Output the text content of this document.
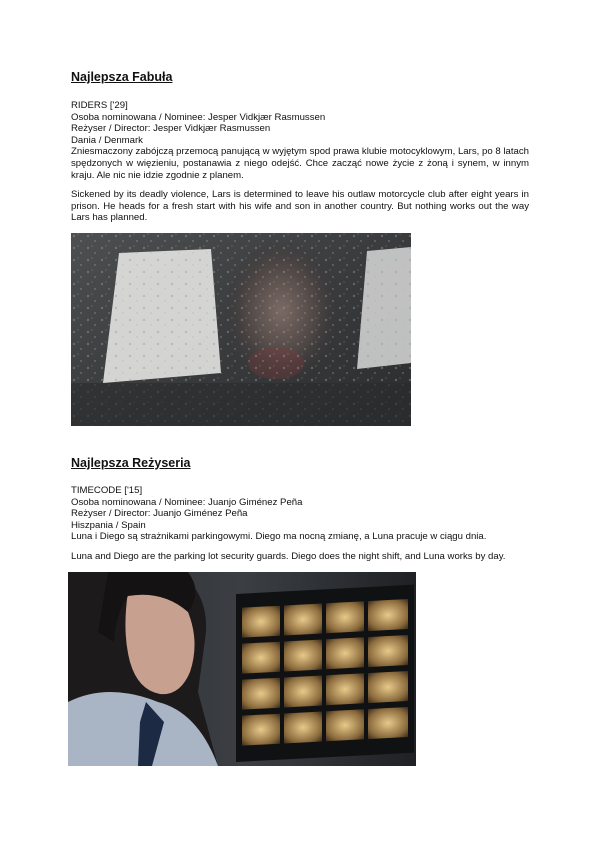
Najlepsza Fabuła

RIDERS ['29]

Osoba nominowana / Nominee: Jesper Vidkjær Rasmussen

Reżyser / Director: Jesper Vidkjær Rasmussen

Dania / Denmark

Zniesmaczony zabójczą przemocą panującą w wyjętym spod prawa klubie motocyklowym, Lars, po 8 latach spędzonych w więzieniu, postanawia z niego odejść. Chce zacząć nowe życie z żoną i synem, w innym kraju. Ale nic nie idzie zgodnie z planem.

Sickened by its deadly violence, Lars is determined to leave his outlaw motorcycle club after eight years in prison. He heads for a fresh start with his wife and son in another country. But nothing works out the way Lars has planned.

Najlepsza Reżyseria

TIMECODE ['15]

Osoba nominowana / Nominee: Juanjo Giménez Peña

Reżyser / Director: Juanjo Giménez Peña

Hiszpania / Spain

Luna i Diego są strażnikami parkingowymi. Diego ma nocną zmianę, a Luna pracuje w ciągu dnia.

Luna and Diego are the parking lot security guards. Diego does the night shift, and Luna works by day.
